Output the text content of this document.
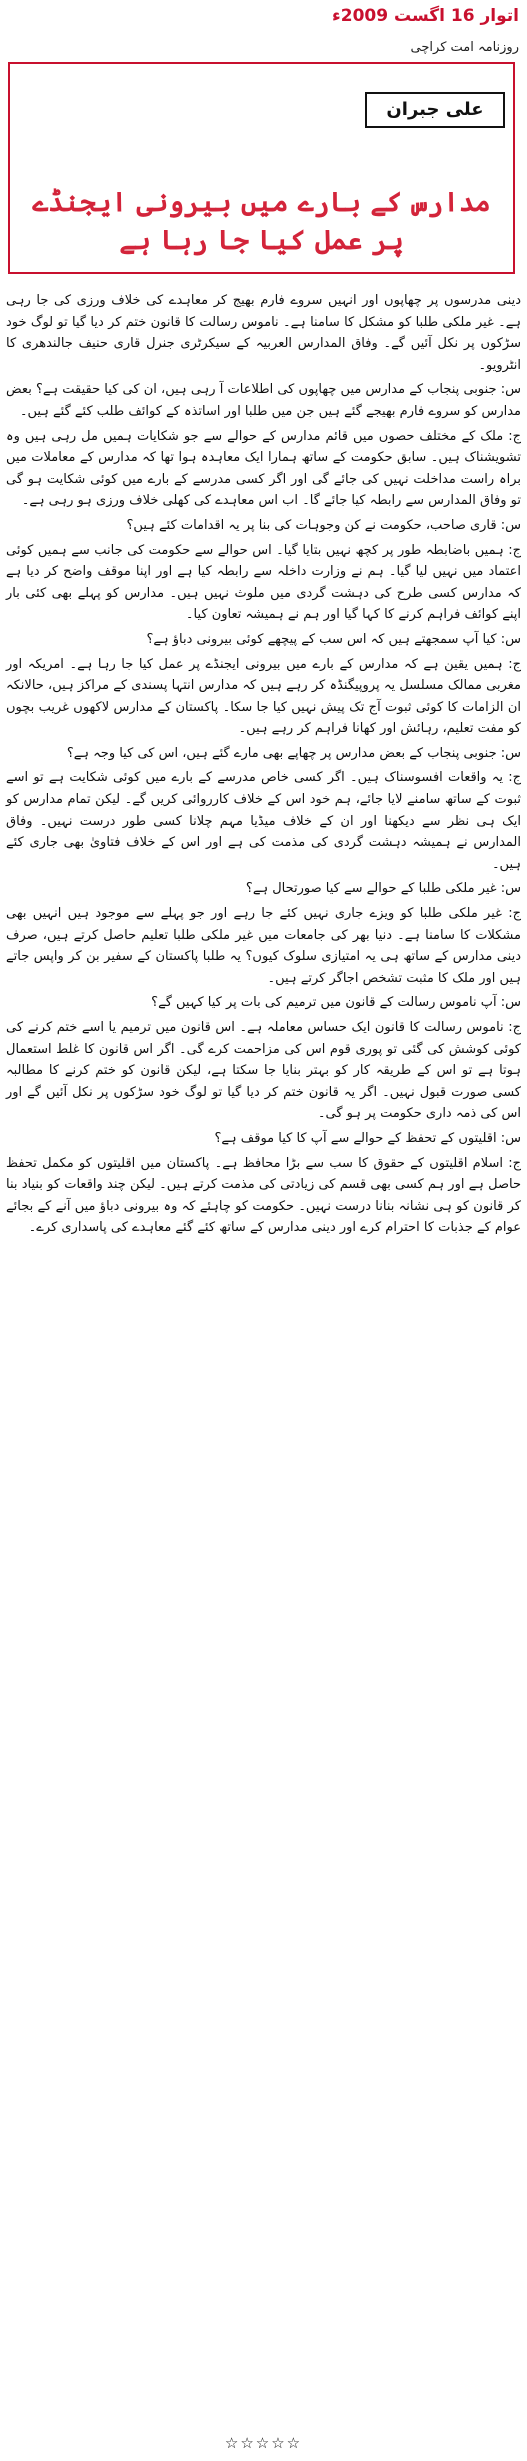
اتوار 16 اگست 2009ء
روزنامہ امت کراچی
علی جبران
مدارس کے بارے میں بیرونی ایجنڈے پر عمل کیا جا رہا ہے

دینی مدرسوں پر چھاپوں اور انہیں سروے فارم بھیج کر معاہدے کی خلاف ورزی کی جا رہی ہے۔ غیر ملکی طلبا کو مشکل کا سامنا ہے۔ ناموس رسالت کا قانون ختم کر دیا گیا تو لوگ خود سڑکوں پر نکل آئیں گے۔ وفاق المدارس العربیہ کے سیکرٹری جنرل قاری حنیف جالندھری کا انٹرویو۔

س: جنوبی پنجاب کے مدارس میں چھاپوں کی اطلاعات آ رہی ہیں، ان کی کیا حقیقت ہے؟ بعض مدارس کو سروے فارم بھیجے گئے ہیں جن میں طلبا اور اساتذہ کے کوائف طلب کئے گئے ہیں۔

ج: ملک کے مختلف حصوں میں قائم مدارس کے حوالے سے جو شکایات ہمیں مل رہی ہیں وہ تشویشناک ہیں۔ سابق حکومت کے ساتھ ہمارا ایک معاہدہ ہوا تھا کہ مدارس کے معاملات میں براہ راست مداخلت نہیں کی جائے گی اور اگر کسی مدرسے کے بارے میں کوئی شکایت ہو گی تو وفاق المدارس سے رابطہ کیا جائے گا۔ اب اس معاہدے کی کھلی خلاف ورزی ہو رہی ہے۔

س: قاری صاحب، حکومت نے کن وجوہات کی بنا پر یہ اقدامات کئے ہیں؟

ج: ہمیں باضابطہ طور پر کچھ نہیں بتایا گیا۔ اس حوالے سے حکومت کی جانب سے ہمیں کوئی اعتماد میں نہیں لیا گیا۔ ہم نے وزارت داخلہ سے رابطہ کیا ہے اور اپنا موقف واضح کر دیا ہے کہ مدارس کسی طرح کی دہشت گردی میں ملوث نہیں ہیں۔ مدارس کو پہلے بھی کئی بار اپنے کوائف فراہم کرنے کا کہا گیا اور ہم نے ہمیشہ تعاون کیا۔

س: کیا آپ سمجھتے ہیں کہ اس سب کے پیچھے کوئی بیرونی دباؤ ہے؟

ج: ہمیں یقین ہے کہ مدارس کے بارے میں بیرونی ایجنڈے پر عمل کیا جا رہا ہے۔ امریکہ اور مغربی ممالک مسلسل یہ پروپیگنڈہ کر رہے ہیں کہ مدارس انتہا پسندی کے مراکز ہیں، حالانکہ ان الزامات کا کوئی ثبوت آج تک پیش نہیں کیا جا سکا۔ پاکستان کے مدارس لاکھوں غریب بچوں کو مفت تعلیم، رہائش اور کھانا فراہم کر رہے ہیں۔

س: جنوبی پنجاب کے بعض مدارس پر چھاپے بھی مارے گئے ہیں، اس کی کیا وجہ ہے؟

ج: یہ واقعات افسوسناک ہیں۔ اگر کسی خاص مدرسے کے بارے میں کوئی شکایت ہے تو اسے ثبوت کے ساتھ سامنے لایا جائے، ہم خود اس کے خلاف کارروائی کریں گے۔ لیکن تمام مدارس کو ایک ہی نظر سے دیکھنا اور ان کے خلاف میڈیا مہم چلانا کسی طور درست نہیں۔ وفاق المدارس نے ہمیشہ دہشت گردی کی مذمت کی ہے اور اس کے خلاف فتاویٰ بھی جاری کئے ہیں۔

س: غیر ملکی طلبا کے حوالے سے کیا صورتحال ہے؟

ج: غیر ملکی طلبا کو ویزے جاری نہیں کئے جا رہے اور جو پہلے سے موجود ہیں انہیں بھی مشکلات کا سامنا ہے۔ دنیا بھر کی جامعات میں غیر ملکی طلبا تعلیم حاصل کرتے ہیں، صرف دینی مدارس کے ساتھ ہی یہ امتیازی سلوک کیوں؟ یہ طلبا پاکستان کے سفیر بن کر واپس جاتے ہیں اور ملک کا مثبت تشخص اجاگر کرتے ہیں۔

س: آپ ناموس رسالت کے قانون میں ترمیم کی بات پر کیا کہیں گے؟

ج: ناموس رسالت کا قانون ایک حساس معاملہ ہے۔ اس قانون میں ترمیم یا اسے ختم کرنے کی کوئی کوشش کی گئی تو پوری قوم اس کی مزاحمت کرے گی۔ اگر اس قانون کا غلط استعمال ہوتا ہے تو اس کے طریقہ کار کو بہتر بنایا جا سکتا ہے، لیکن قانون کو ختم کرنے کا مطالبہ کسی صورت قبول نہیں۔ اگر یہ قانون ختم کر دیا گیا تو لوگ خود سڑکوں پر نکل آئیں گے اور اس کی ذمہ داری حکومت پر ہو گی۔

س: اقلیتوں کے تحفظ کے حوالے سے آپ کا کیا موقف ہے؟

ج: اسلام اقلیتوں کے حقوق کا سب سے بڑا محافظ ہے۔ پاکستان میں اقلیتوں کو مکمل تحفظ حاصل ہے اور ہم کسی بھی قسم کی زیادتی کی مذمت کرتے ہیں۔ لیکن چند واقعات کو بنیاد بنا کر قانون کو ہی نشانہ بنانا درست نہیں۔ حکومت کو چاہئے کہ وہ بیرونی دباؤ میں آنے کے بجائے عوام کے جذبات کا احترام کرے اور دینی مدارس کے ساتھ کئے گئے معاہدے کی پاسداری کرے۔

☆☆☆☆☆
